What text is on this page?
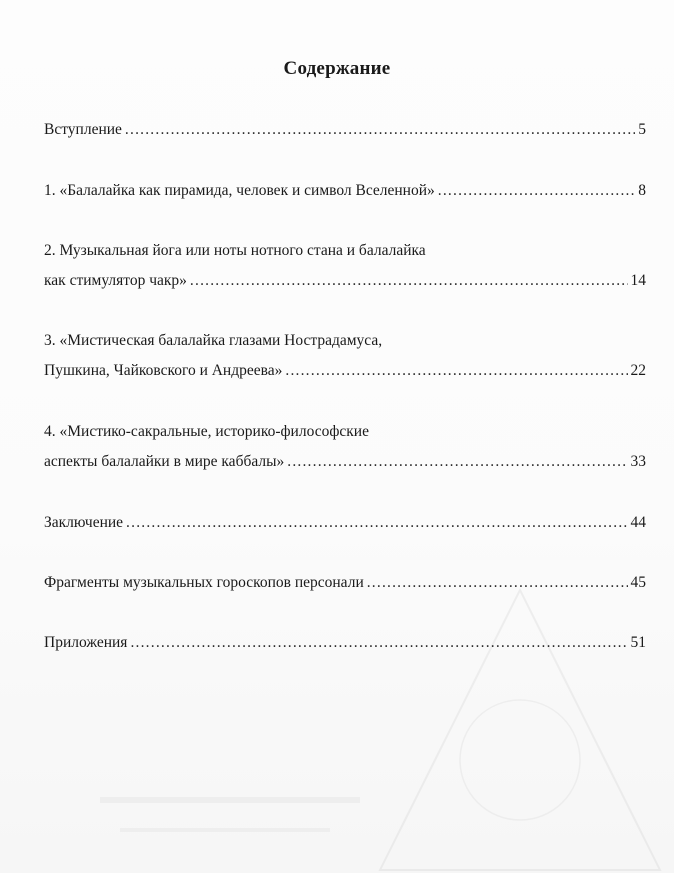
Содержание
Вступление .....	5
1. «Балалайка как пирамида, человек и символ Вселенной» .....	8
2. Музыкальная йога или ноты нотного стана и балалайка
как стимулятор чакр» .....	14
3. «Мистическая балалайка глазами Нострадамуса,
Пушкина, Чайковского и Андреева» .....	22
4. «Мистико-сакральные, историко-философские
аспекты балалайки в мире каббалы» .....	33
Заключение .....	44
Фрагменты музыкальных гороскопов персонали .....	45
Приложения .....	51
